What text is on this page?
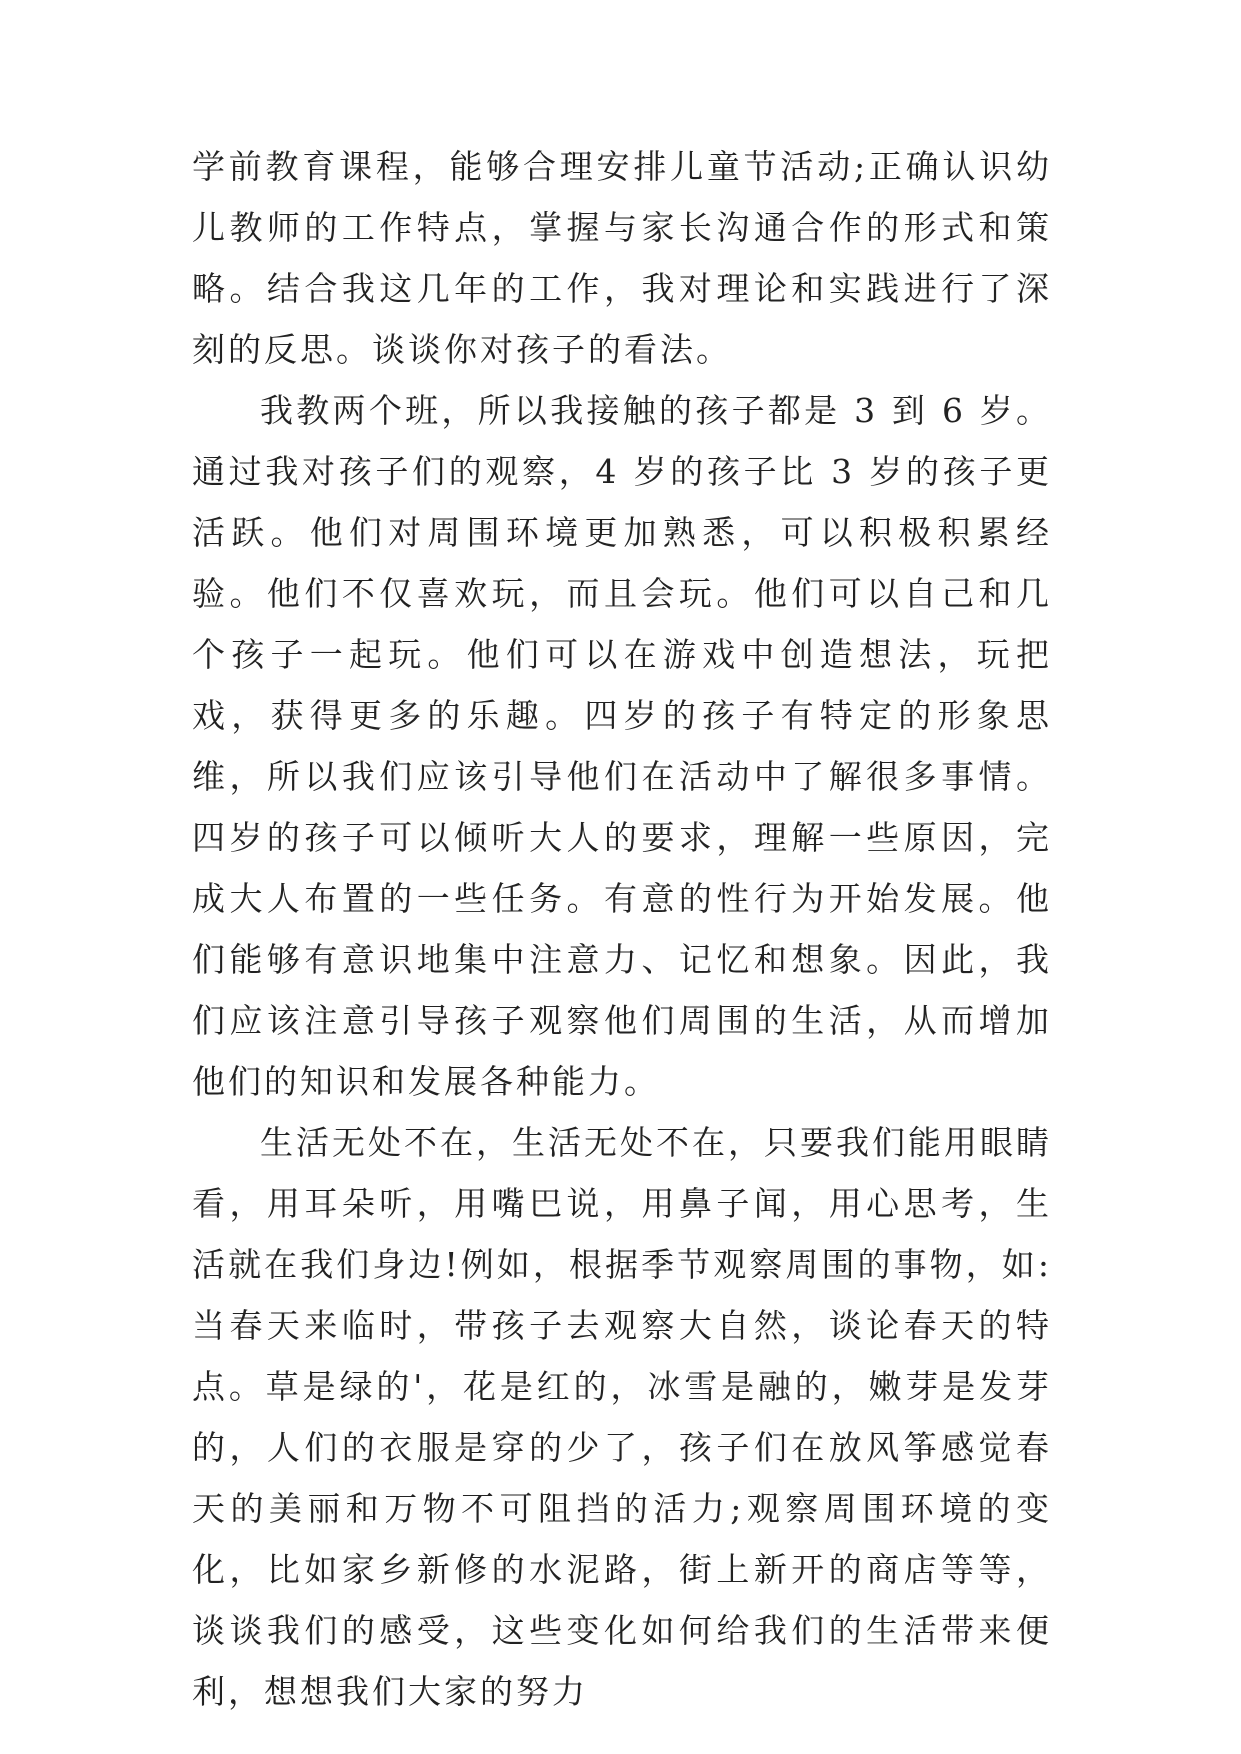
学前教育课程，能够合理安排儿童节活动;正确认识幼儿教师的工作特点，掌握与家长沟通合作的形式和策略。结合我这几年的工作，我对理论和实践进行了深刻的反思。谈谈你对孩子的看法。

我教两个班，所以我接触的孩子都是 3 到 6 岁。通过我对孩子们的观察，4 岁的孩子比 3 岁的孩子更活跃。他们对周围环境更加熟悉，可以积极积累经验。他们不仅喜欢玩，而且会玩。他们可以自己和几个孩子一起玩。他们可以在游戏中创造想法，玩把戏，获得更多的乐趣。四岁的孩子有特定的形象思维，所以我们应该引导他们在活动中了解很多事情。四岁的孩子可以倾听大人的要求，理解一些原因，完成大人布置的一些任务。有意的性行为开始发展。他们能够有意识地集中注意力、记忆和想象。因此，我们应该注意引导孩子观察他们周围的生活，从而增加他们的知识和发展各种能力。

生活无处不在，生活无处不在，只要我们能用眼睛看，用耳朵听，用嘴巴说，用鼻子闻，用心思考，生活就在我们身边!例如，根据季节观察周围的事物，如:当春天来临时，带孩子去观察大自然，谈论春天的特点。草是绿的'，花是红的，冰雪是融的，嫩芽是发芽的，人们的衣服是穿的少了，孩子们在放风筝感觉春天的美丽和万物不可阻挡的活力;观察周围环境的变化，比如家乡新修的水泥路，街上新开的商店等等，谈谈我们的感受，这些变化如何给我们的生活带来便利，想想我们大家的努力
